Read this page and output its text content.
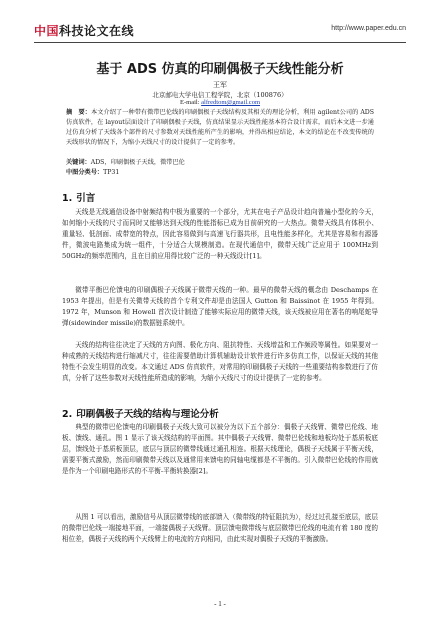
中国科技论文在线	http://www.paper.edu.cn
基于 ADS 仿真的印刷偶极子天线性能分析
王军
北京邮电大学电信工程学院，北京（100876）
E-mail: alfredtom@gmail.com
摘　要：本文介绍了一种带有微带巴伦线的印刷偶极子天线结构及其相关的理论分析，利用 agilent公司的 ADS仿真软件，在 layout层面设计了印刷偶极子天线，仿真结果显示天线性能基本符合设计需求，而后本文进一步通过仿真分析了天线各个部件的尺寸参数对天线性能所产生的影响，并得出相应结论，本文的结论在不改变传统的天线形状的情况下，为缩小天线尺寸的设计提供了一定的参考。
关键词：ADS，印刷偶极子天线，微带巴伦
中图分类号：TP31
1. 引言
天线是无线通信设备中射频结构中极为重要的一个部分，尤其在电子产品设计趋向普遍小型化的今天，如何缩小天线的尺寸而同时又能够达到天线的性能指标已成为目前研究的一大热点。微带天线具有体积小、重量轻、低剖面、成带宽的特点，因此容易做到与高速飞行器共形，且电性能多样化，尤其是容易和有源器件，微波电路集成为统一组件，十分适合大规模制造。在现代通信中，微带天线广泛应用于 100MHz到 50GHz的频率范围内，且在目前应用得比较广泛的一种天线设计[1]。
微带平衡巴伦馈电的印刷偶极子天线属于微带天线的一种。最早的微带天线的概念由 Deschamps 在 1953 年提出，但是有关微带天线的首个专利文件却是由法国人 Gutton 和 Baissinot 在 1955 年得到。1972 年，Munson 和 Howell 首次设计制造了能够实际应用的微带天线，该天线被应用在著名的响尾蛇导弹(sidewinder missile)的数据链系统中。
天线的结构往往决定了天线的方向图、极化方向、阻抗特性、天线增益和工作频段等属性。如果要对一种成熟的天线结构进行缩减尺寸，往往需要借助计算机辅助设计软件进行许多仿真工作，以保证天线的其他特性不会发生明显的改变。本文通过 ADS 仿真软件，对常用的印刷偶极子天线的一些重要结构参数进行了仿真，分析了这些参数对天线性能所造成的影响，为缩小天线尺寸的设计提供了一定的参考。
2. 印刷偶极子天线的结构与理论分析
典型的微带巴伦馈电的印刷偶极子天线大致可以被分为以下五个部分：偶极子天线臂、微带巴伦线、地板、馈线、通孔。图 1 显示了该天线结构的平面图。其中偶极子天线臂、微带巴伦线和地板均处于基质板底层，馈线处于基质板顶层，底层与顶层的微带线通过通孔相连。根据天线理论，偶极子天线属于平衡天线，需要平衡式激励，然而印刷微带天线以及通常用来馈电的同轴电缆都是不平衡的。引入微带巴伦线的作用就是作为一个印刷电路形式的不平衡-平衡转换器[2]。
从图 1 可以看出，激励信号从顶层微带线的底部馈入（微带线的特征阻抗为），经过过孔接至底层，底层的微带巴伦线一端接地平面，一端接偶极子天线臂。顶层馈电微带线与底层微带巴伦线的电流有着 180 度的相位差，偶极子天线的两个天线臂上的电流的方向相同，由此实现对偶极子天线的平衡激励。
- 1 -
